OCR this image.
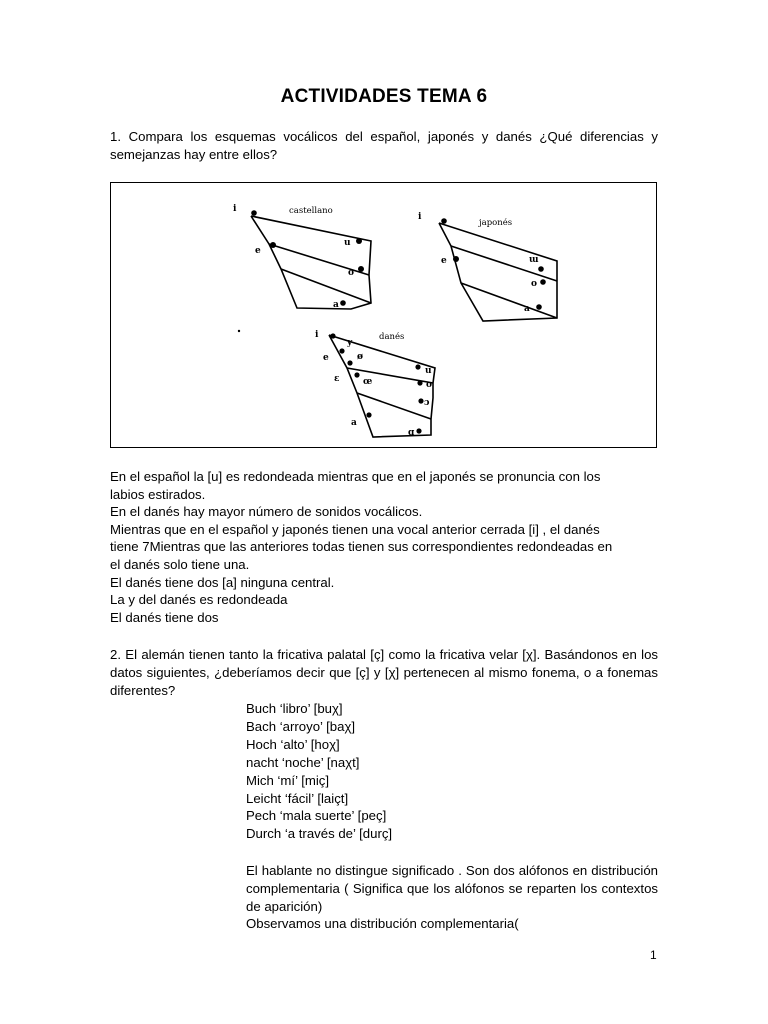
ACTIVIDADES TEMA 6
1. Compara los esquemas vocálicos del español, japonés y danés ¿Qué diferencias y semejanzas hay entre ellos?
castellano
i
e
a
o
u
japonés
i
e
a
ɯ
o
danés
i
e
ɛ
a
y
ø
œ
u
o
ɔ
ɑ
En el español la [u] es redondeada mientras que en el japonés se pronuncia con los
labios estirados.
En el danés hay mayor número de sonidos vocálicos.
Mientras que en el español y japonés tienen una vocal anterior cerrada [i] , el danés
tiene 7Mientras que las anteriores todas tienen sus correspondientes redondeadas en
el danés solo tiene una.
El danés tiene dos [a] ninguna central.
La y del danés es redondeada
El danés tiene dos
2. El alemán tienen tanto la fricativa palatal [ç] como la fricativa velar [χ]. Basándonos en los datos siguientes, ¿deberíamos decir que [ç] y [χ] pertenecen al mismo fonema, o a fonemas diferentes?
Buch ‘libro’ [buχ]
Bach ‘arroyo’ [baχ]
Hoch ‘alto’ [hoχ]
nacht ‘noche’ [naχt]
Mich ‘mí’ [miç]
Leicht ‘fácil’ [laiçt]
Pech ‘mala suerte’ [peç]
Durch ‘a través de’ [durç]
El hablante no distingue significado . Son dos alófonos en distribución complementaria ( Significa que los alófonos se reparten los contextos de aparición)
Observamos una distribución complementaria(
1
